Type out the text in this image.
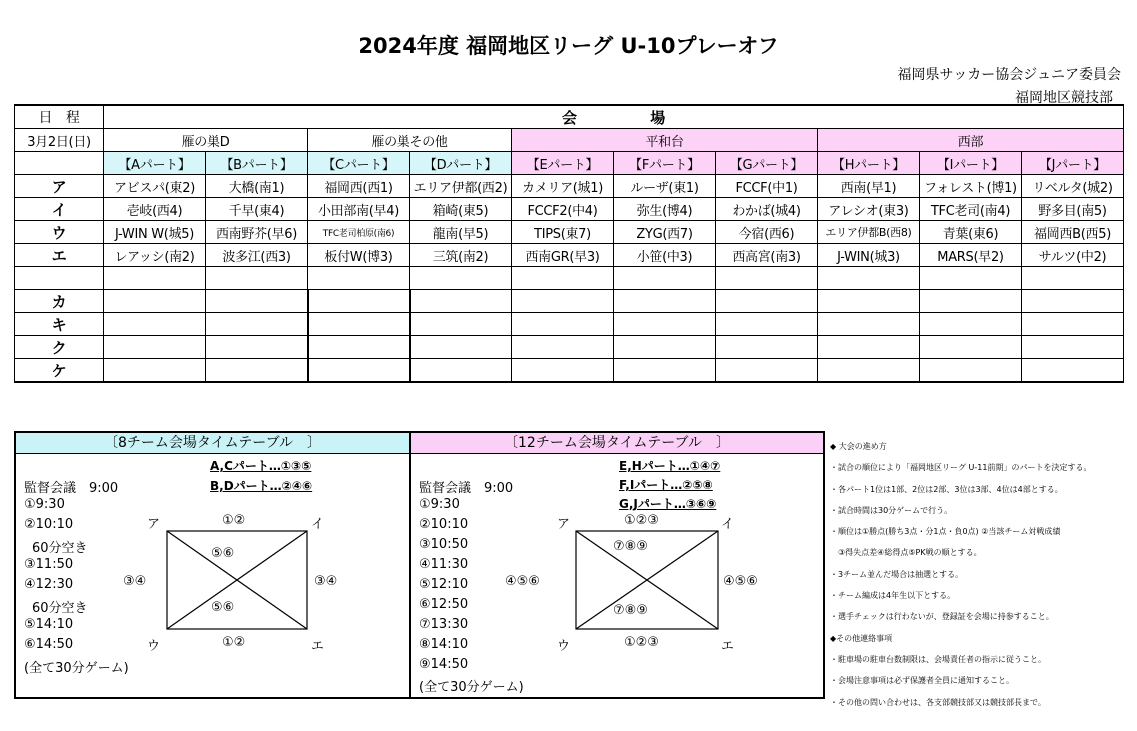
2024年度 福岡地区リーグ U-10プレーオフ
福岡県サッカー協会ジュニア委員会
福岡地区競技部
日　程	会　　　　　場									
3月2日(日)	雁の巣D		雁の巣その他		平和台			西部		
	【Aパート】	【Bパート】	【Cパート】	【Dパート】	【Eパート】	【Fパート】	【Gパート】	【Hパート】	【Iパート】	【Jパート】
ア	アビスパ(東2)	大橋(南1)	福岡西(西1)	エリア伊都(西2)	カメリア(城1)	ルーザ(東1)	FCCF(中1)	西南(早1)	フォレスト(博1)	リベルタ(城2)
イ	壱岐(西4)	千早(東4)	小田部南(早4)	箱崎(東5)	FCCF2(中4)	弥生(博4)	わかば(城4)	アレシオ(東3)	TFC老司(南4)	野多目(南5)
ウ	J-WIN W(城5)	西南野芥(早6)	TFC老司柏原(南6)	龍南(早5)	TIPS(東7)	ZYG(西7)	今宿(西6)	エリア伊都B(西8)	青葉(東6)	福岡西B(西5)
エ	レアッシ(南2)	波多江(西3)	板付W(博3)	三筑(南2)	西南GR(早3)	小笹(中3)	西高宮(南3)	J-WIN(城3)	MARS(早2)	サルツ(中2)

カ										
キ										
ク										
ケ										
〔8チーム会場タイムテーブル　〕
A,Cパート…①③⑤
B,Dパート…②④⑥
監督会議　9:00
①9:30
②10:10
60分空き
③11:50
④12:30
60分空き
⑤14:10
⑥14:50
(全て30分ゲーム)
ア	イ
ウ	エ
①②
①②
③④	③④
⑤⑥
⑤⑥
〔12チーム会場タイムテーブル　〕
E,Hパート…①④⑦
F,Iパート…②⑤⑧
G,Jパート…③⑥⑨
監督会議　9:00
①9:30
②10:10
③10:50
④11:30
⑤12:10
⑥12:50
⑦13:30
⑧14:10
⑨14:50
(全て30分ゲーム)
ア	イ
ウ	エ
①②③
①②③
④⑤⑥	④⑤⑥
⑦⑧⑨
⑦⑧⑨
◆ 大会の進め方
・試合の順位により「福岡地区リーグ U-11前期」のパートを決定する。
・各パート1位は1部、2位は2部、3位は3部、4位は4部とする。
・試合時間は30分ゲームで行う。
・順位は①勝点(勝ち3点・分1点・負0点) ②当該チーム対戦成績
　③得失点差④総得点⑤PK戦の順とする。
・3チーム並んだ場合は抽選とする。
・チーム編成は4年生以下とする。
・選手チェックは行わないが、登録証を会場に持参すること。
◆その他連絡事項
・駐車場の駐車台数制限は、会場責任者の指示に従うこと。
・会場注意事項は必ず保護者全員に通知すること。
・その他の問い合わせは、各支部競技部又は競技部長まで。
